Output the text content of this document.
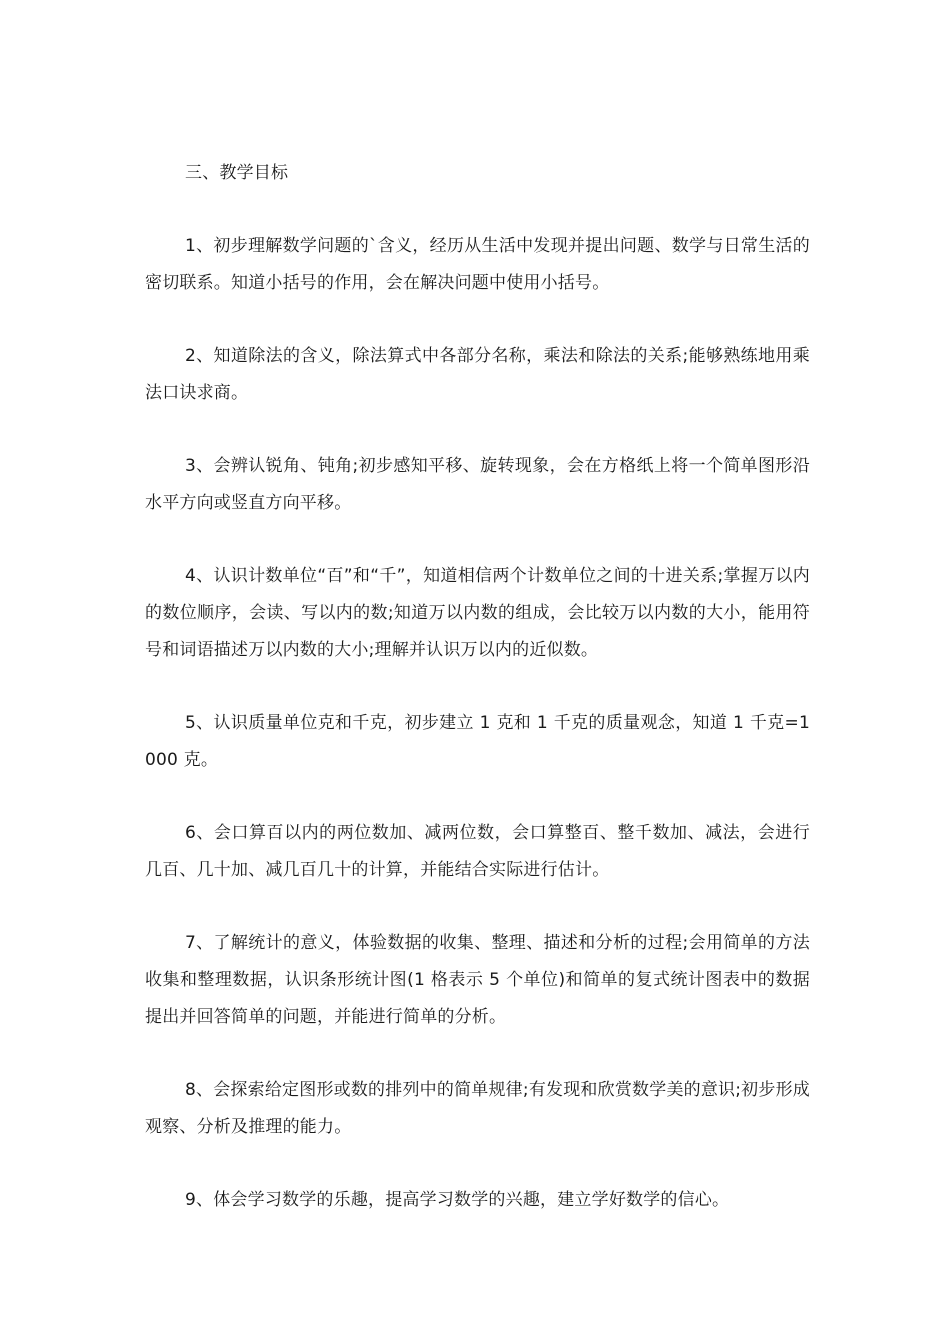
三、教学目标

1、初步理解数学问题的`含义，经历从生活中发现并提出问题、数学与日常生活的密切联系。知道小括号的作用，会在解决问题中使用小括号。

2、知道除法的含义，除法算式中各部分名称，乘法和除法的关系;能够熟练地用乘法口诀求商。

3、会辨认锐角、钝角;初步感知平移、旋转现象，会在方格纸上将一个简单图形沿水平方向或竖直方向平移。

4、认识计数单位“百”和“千”，知道相信两个计数单位之间的十进关系;掌握万以内的数位顺序，会读、写以内的数;知道万以内数的组成，会比较万以内数的大小，能用符号和词语描述万以内数的大小;理解并认识万以内的近似数。

5、认识质量单位克和千克，初步建立 1 克和 1 千克的质量观念，知道 1 千克=1000 克。

6、会口算百以内的两位数加、减两位数，会口算整百、整千数加、减法，会进行几百、几十加、减几百几十的计算，并能结合实际进行估计。

7、了解统计的意义，体验数据的收集、整理、描述和分析的过程;会用简单的方法收集和整理数据，认识条形统计图(1 格表示 5 个单位)和简单的复式统计图表中的数据提出并回答简单的问题，并能进行简单的分析。

8、会探索给定图形或数的排列中的简单规律;有发现和欣赏数学美的意识;初步形成观察、分析及推理的能力。

9、体会学习数学的乐趣，提高学习数学的兴趣，建立学好数学的信心。
